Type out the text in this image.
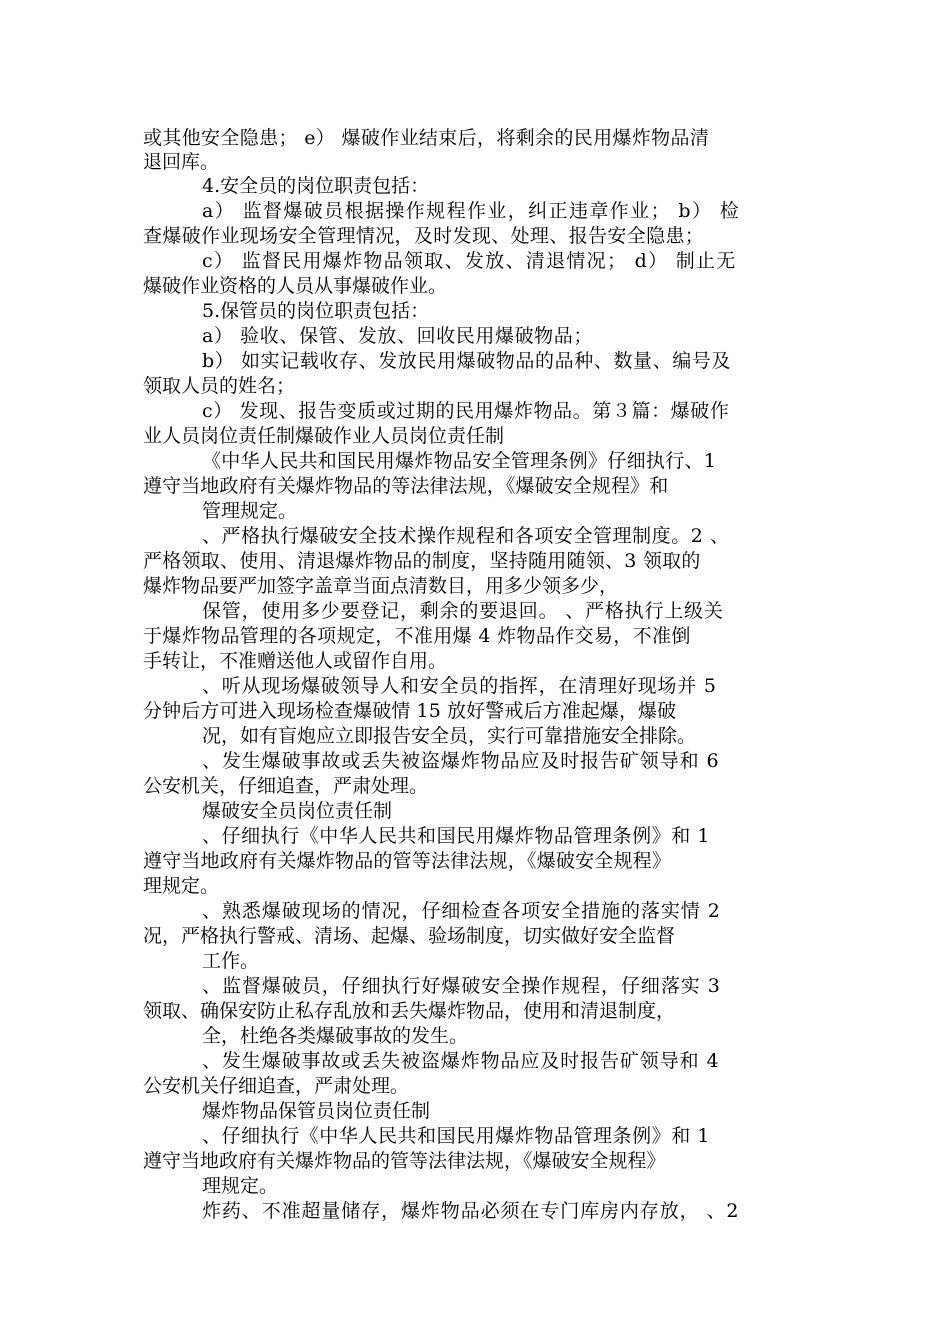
或其他安全隐患； e） 爆破作业结束后，将剩余的民用爆炸物品清
退回库。
4.安全员的岗位职责包括：
a） 监督爆破员根据操作规程作业，纠正违章作业； b） 检
查爆破作业现场安全管理情况，及时发现、处理、报告安全隐患；
c） 监督民用爆炸物品领取、发放、清退情况； d） 制止无
爆破作业资格的人员从事爆破作业。
5.保管员的岗位职责包括：
a） 验收、保管、发放、回收民用爆破物品；
b） 如实记载收存、发放民用爆破物品的品种、数量、编号及
领取人员的姓名；
c） 发现、报告变质或过期的民用爆炸物品。第３篇：爆破作
业人员岗位责任制爆破作业人员岗位责任制
《中华人民共和国民用爆炸物品安全管理条例》仔细执行、1
遵守当地政府有关爆炸物品的等法律法规，《爆破安全规程》和
管理规定。
、严格执行爆破安全技术操作规程和各项安全管理制度。2 、
严格领取、使用、清退爆炸物品的制度，坚持随用随领、3 领取的
爆炸物品要严加签字盖章当面点清数目，用多少领多少，
保管，使用多少要登记，剩余的要退回。 、严格执行上级关
于爆炸物品管理的各项规定，不准用爆 4 炸物品作交易，不准倒
手转让，不准赠送他人或留作自用。
、听从现场爆破领导人和安全员的指挥，在清理好现场并 5
分钟后方可进入现场检查爆破情 15 放好警戒后方准起爆，爆破
况，如有盲炮应立即报告安全员，实行可靠措施安全排除。
、发生爆破事故或丢失被盗爆炸物品应及时报告矿领导和 6
公安机关，仔细追查，严肃处理。
爆破安全员岗位责任制
、仔细执行《中华人民共和国民用爆炸物品管理条例》和 1
遵守当地政府有关爆炸物品的管等法律法规，《爆破安全规程》
理规定。
、熟悉爆破现场的情况，仔细检查各项安全措施的落实情 2
况，严格执行警戒、清场、起爆、验场制度，切实做好安全监督
工作。
、监督爆破员，仔细执行好爆破安全操作规程，仔细落实 3
领取、确保安防止私存乱放和丢失爆炸物品，使用和清退制度，
全，杜绝各类爆破事故的发生。
、发生爆破事故或丢失被盗爆炸物品应及时报告矿领导和 4
公安机关仔细追查，严肃处理。
爆炸物品保管员岗位责任制
、仔细执行《中华人民共和国民用爆炸物品管理条例》和 1
遵守当地政府有关爆炸物品的管等法律法规，《爆破安全规程》
理规定。
炸药、不准超量储存，爆炸物品必须在专门库房内存放， 、2
